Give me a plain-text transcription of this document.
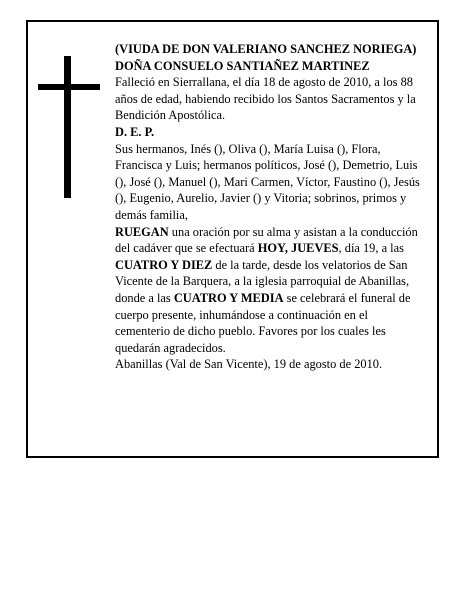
(VIUDA DE DON VALERIANO SANCHEZ NORIEGA)

DOÑA CONSUELO SANTIAÑEZ MARTINEZ

Falleció en Sierrallana, el día 18 de agosto de 2010, a los 88 años de edad, habiendo recibido los Santos Sacramentos y la Bendición Apostólica.

D. E. P.

Sus hermanos, Inés (), Oliva (), María Luisa (), Flora, Francisca y Luis; hermanos políticos, José (), Demetrio, Luis (), José (), Manuel (), Mari Carmen, Víctor, Faustino (), Jesús (), Eugenio, Aurelio, Javier () y Vitoria; sobrinos, primos y demás familia,

RUEGAN una oración por su alma y asistan a la conducción del cadáver que se efectuará HOY, JUEVES, día 19, a las CUATRO Y DIEZ de la tarde, desde los velatorios de San Vicente de la Barquera, a la iglesia parroquial de Abanillas, donde a las CUATRO Y MEDIA se celebrará el funeral de cuerpo presente, inhumándose a continuación en el cementerio de dicho pueblo. Favores por los cuales les quedarán agradecidos.

Abanillas (Val de San Vicente), 19 de agosto de 2010.
